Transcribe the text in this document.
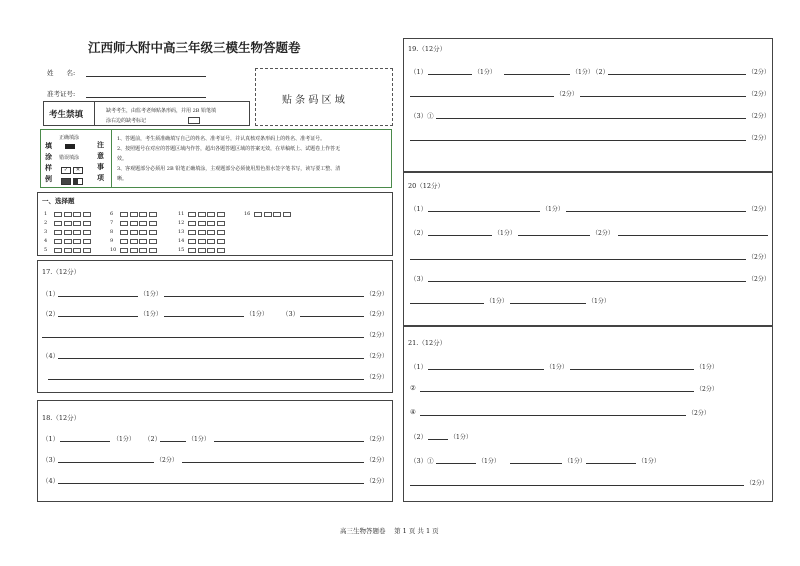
江西师大附中高三年级三模生物答题卷
姓　　名:
准考证号:
贴 条 码 区 域
考生禁填	缺考考生，由监考老师贴条形码，并用 2B 铅笔填
涂右边的缺考标记
填
涂
样
例
正确填涂
错误填涂
✓ ✕

注
意
事
项
1、答题前，考生须准确填写自己的姓名、准考证号，并认真核对条形码上的姓名、准考证号。
2、按照题号在对应的答题区域内作答，超出各题答题区域的答案无效，在草稿纸上、试题卷上作答无
效。
3、客观题部分必须用 2B 铅笔正确填涂，主观题部分必须使用黑色墨水签字笔书写，读写要工整、清
晰。
一、选择题
1
2
3
4
5
6
7
8
9
10
11
12
13
14
15
16
17.（12分）
（1）	（1分）	（2分）
（2）	（1分）	（1分） （3）	（2分）
（2分）
（4）	（2分）
（2分）
18.（12分）
（1）	（1分） （2）	（1分）	（2分）
（3）	（2分）	（2分）
（4）	（2分）
19.（12分）
（1）	（1分）	（1分）
（2）	（2分）
（2分）	（2分）
（3）①	（2分）
（2分）
20（12分）
（1）	（1分）	（2分）
（2）	（1分）	（2分）
（2分）
（3）	（2分）
（1分）	（1分）
21.（12分）
（1）	（1分）	（1分）
②	（2分）
④	（2分）
（2）	（1分）
（3）①	（1分）	（1分）	（1分）
（2分）
高三生物答题卷　 第 1 页 共 1 页
